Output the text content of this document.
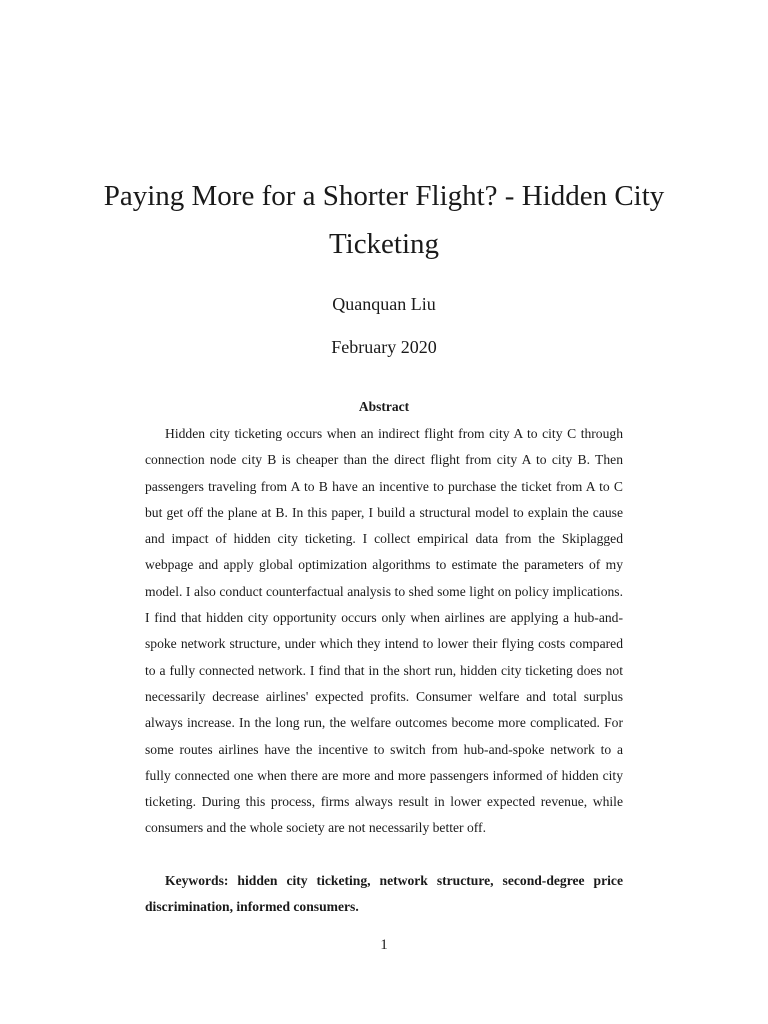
Paying More for a Shorter Flight? - Hidden City Ticketing
Quanquan Liu
February 2020
Abstract

Hidden city ticketing occurs when an indirect flight from city A to city C through connection node city B is cheaper than the direct flight from city A to city B. Then passengers traveling from A to B have an incentive to purchase the ticket from A to C but get off the plane at B. In this paper, I build a structural model to explain the cause and impact of hidden city ticketing. I collect empirical data from the Skiplagged webpage and apply global optimization algorithms to estimate the parameters of my model. I also conduct counterfactual analysis to shed some light on policy implications. I find that hidden city opportunity occurs only when airlines are applying a hub-and-spoke network structure, under which they intend to lower their flying costs compared to a fully connected network. I find that in the short run, hidden city ticketing does not necessarily decrease airlines' expected profits. Consumer welfare and total surplus always increase. In the long run, the welfare outcomes become more complicated. For some routes airlines have the incentive to switch from hub-and-spoke network to a fully connected one when there are more and more passengers informed of hidden city ticketing. During this process, firms always result in lower expected revenue, while consumers and the whole society are not necessarily better off.

Keywords: hidden city ticketing, network structure, second-degree price discrimination, informed consumers.

1
